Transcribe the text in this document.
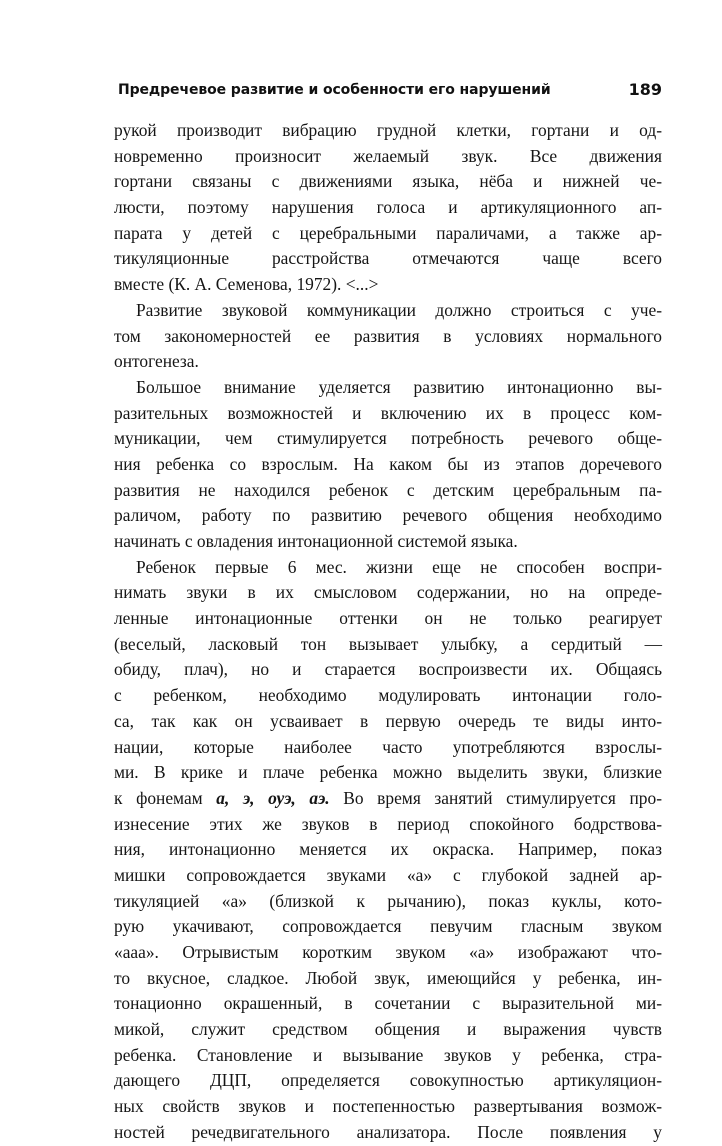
Предречевое развитие и особенности его нарушений	189
рукой производит вибрацию грудной клетки, гортани и од-
новременно произносит желаемый звук. Все движения
гортани связаны с движениями языка, нёба и нижней че-
люсти, поэтому нарушения голоса и артикуляционного ап-
парата у детей с церебральными параличами, а также ар-
тикуляционные расстройства отмечаются чаще всего
вместе (К. А. Семенова, 1972). <...>
Развитие звуковой коммуникации должно строиться с уче-
том закономерностей ее развития в условиях нормального
онтогенеза.
Большое внимание уделяется развитию интонационно вы-
разительных возможностей и включению их в процесс ком-
муникации, чем стимулируется потребность речевого обще-
ния ребенка со взрослым. На каком бы из этапов доречевого
развития не находился ребенок с детским церебральным па-
раличом, работу по развитию речевого общения необходимо
начинать с овладения интонационной системой языка.
Ребенок первые 6 мес. жизни еще не способен воспри-
нимать звуки в их смысловом содержании, но на опреде-
ленные интонационные оттенки он не только реагирует
(веселый, ласковый тон вызывает улыбку, а сердитый —
обиду, плач), но и старается воспроизвести их. Общаясь
с ребенком, необходимо модулировать интонации голо-
са, так как он усваивает в первую очередь те виды инто-
нации, которые наиболее часто употребляются взрослы-
ми. В крике и плаче ребенка можно выделить звуки, близкие
к фонемам а, э, оуэ, аэ. Во время занятий стимулируется про-
изнесение этих же звуков в период спокойного бодрствова-
ния, интонационно меняется их окраска. Например, показ
мишки сопровождается звуками «а» с глубокой задней ар-
тикуляцией «а» (близкой к рычанию), показ куклы, кото-
рую укачивают, сопровождается певучим гласным звуком
«ааа». Отрывистым коротким звуком «а» изображают что-
то вкусное, сладкое. Любой звук, имеющийся у ребенка, ин-
тонационно окрашенный, в сочетании с выразительной ми-
микой, служит средством общения и выражения чувств
ребенка. Становление и вызывание звуков у ребенка, стра-
дающего ДЦП, определяется совокупностью артикуляцион-
ных свойств звуков и постепенностью развертывания возмож-
ностей речедвигательного анализатора. После появления у
